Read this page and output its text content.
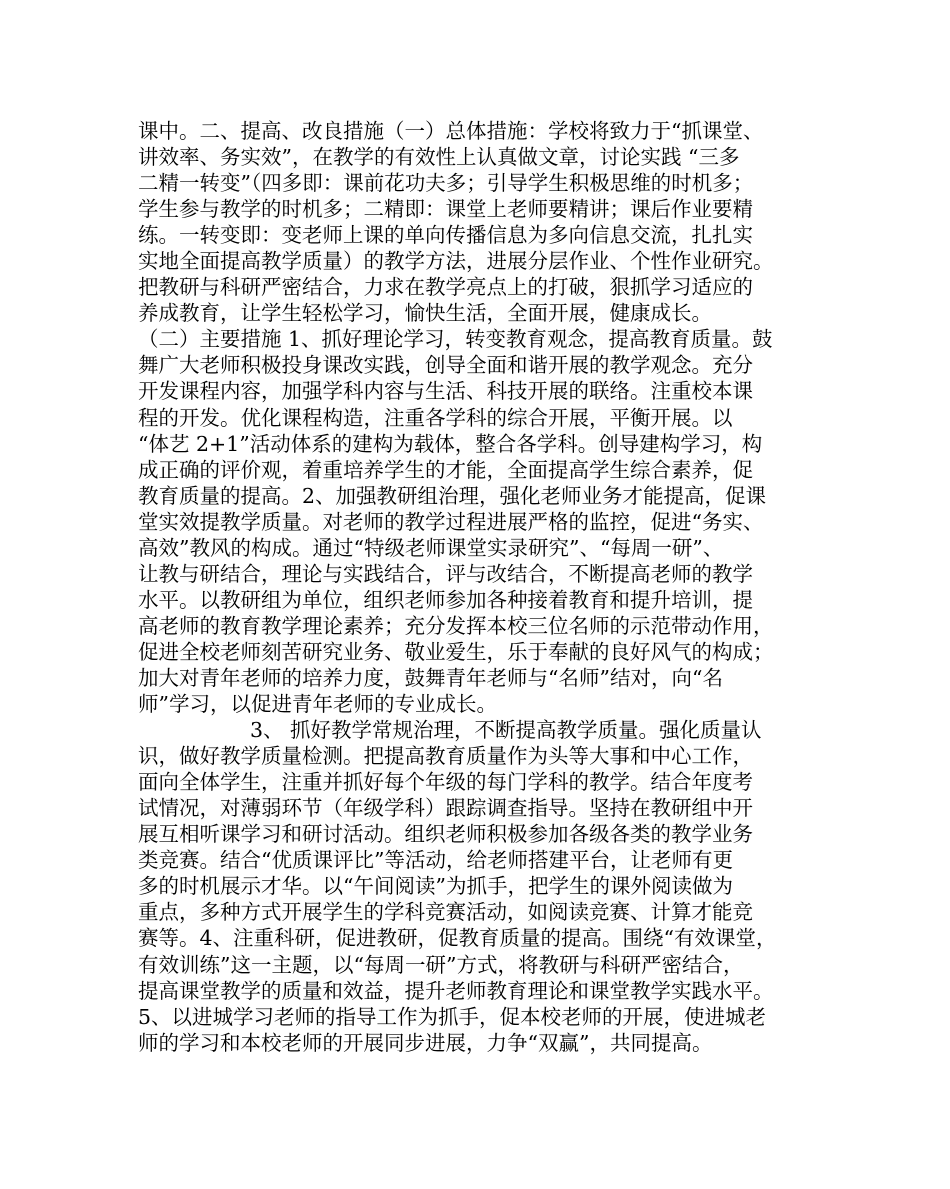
课中。二、提高、改良措施（一）总体措施：学校将致力于“抓课堂、
讲效率、务实效”，在教学的有效性上认真做文章，讨论实践 “三多
二精一转变”（四多即：课前花功夫多；引导学生积极思维的时机多；
学生参与教学的时机多；二精即：课堂上老师要精讲；课后作业要精
练。一转变即：变老师上课的单向传播信息为多向信息交流，扎扎实
实地全面提高教学质量）的教学方法，进展分层作业、个性作业研究。
把教研与科研严密结合，力求在教学亮点上的打破，狠抓学习适应的
养成教育，让学生轻松学习，愉快生活，全面开展，健康成长。
（二）主要措施 1、抓好理论学习，转变教育观念，提高教育质量。鼓
舞广大老师积极投身课改实践，创导全面和谐开展的教学观念。充分
开发课程内容，加强学科内容与生活、科技开展的联络。注重校本课
程的开发。优化课程构造，注重各学科的综合开展，平衡开展。以
“体艺 2+1”活动体系的建构为载体，整合各学科。创导建构学习，构
成正确的评价观，着重培养学生的才能，全面提高学生综合素养，促
教育质量的提高。2、加强教研组治理，强化老师业务才能提高，促课
堂实效提教学质量。对老师的教学过程进展严格的监控，促进“务实、
高效”教风的构成。通过“特级老师课堂实录研究”、“每周一研”、
让教与研结合，理论与实践结合，评与改结合，不断提高老师的教学
水平。以教研组为单位，组织老师参加各种接着教育和提升培训，提
高老师的教育教学理论素养；充分发挥本校三位名师的示范带动作用，
促进全校老师刻苦研究业务、敬业爱生，乐于奉献的良好风气的构成；
加大对青年老师的培养力度，鼓舞青年老师与“名师”结对，向“名
师”学习，以促进青年老师的专业成长。
3、 抓好教学常规治理，不断提高教学质量。强化质量认
识，做好教学质量检测。把提高教育质量作为头等大事和中心工作，
面向全体学生，注重并抓好每个年级的每门学科的教学。结合年度考
试情况，对薄弱环节（年级学科）跟踪调查指导。坚持在教研组中开
展互相听课学习和研讨活动。组织老师积极参加各级各类的教学业务
类竞赛。结合“优质课评比”等活动，给老师搭建平台，让老师有更
多的时机展示才华。以“午间阅读”为抓手，把学生的课外阅读做为
重点，多种方式开展学生的学科竞赛活动，如阅读竞赛、计算才能竞
赛等。4、注重科研，促进教研，促教育质量的提高。围绕“有效课堂，
有效训练”这一主题，以“每周一研”方式，将教研与科研严密结合，
提高课堂教学的质量和效益，提升老师教育理论和课堂教学实践水平。
5、以进城学习老师的指导工作为抓手，促本校老师的开展，使进城老
师的学习和本校老师的开展同步进展，力争“双赢”，共同提高。
